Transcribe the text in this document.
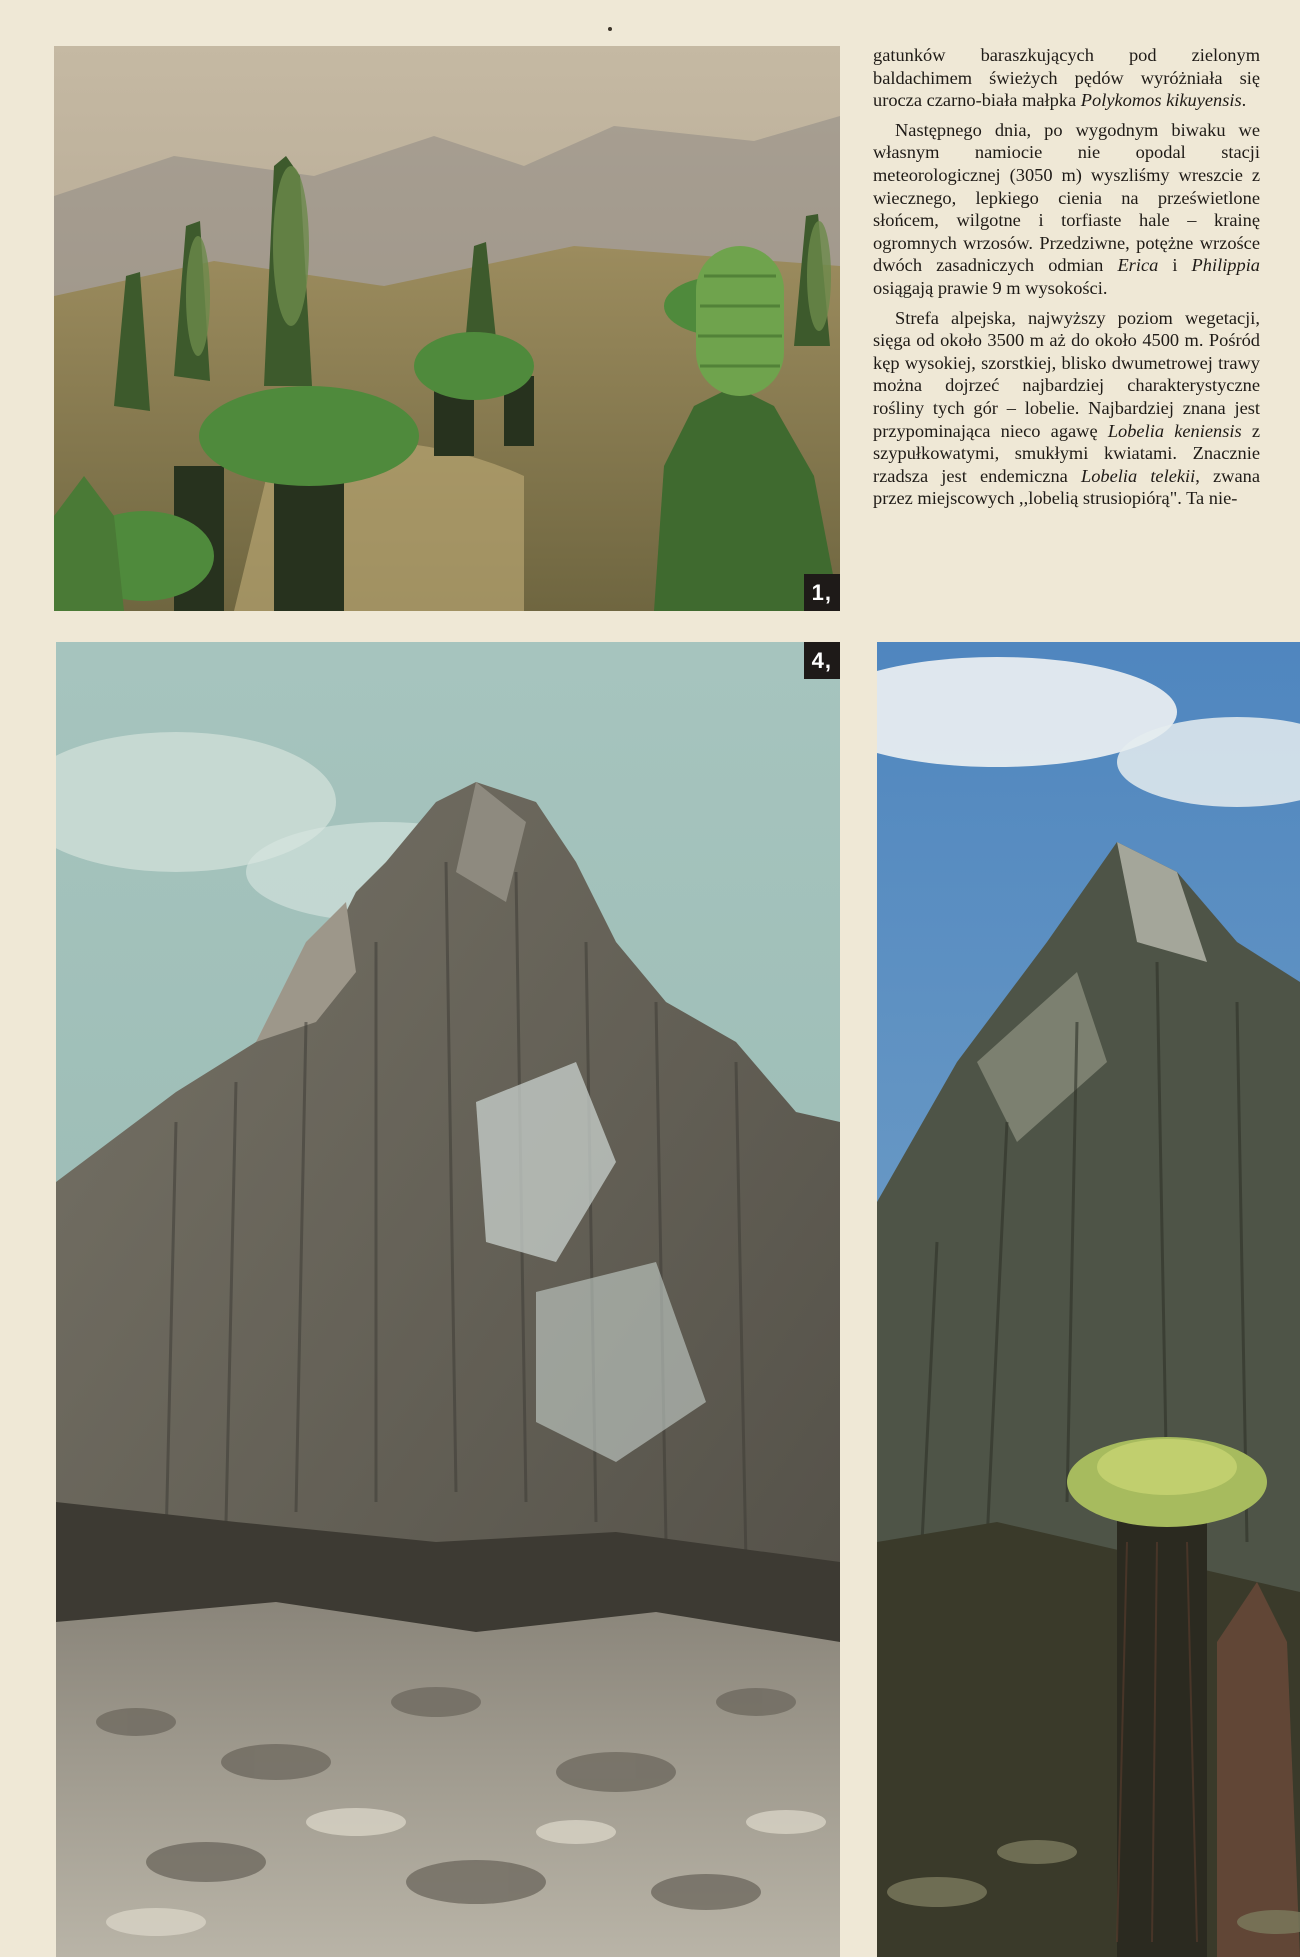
1,
4,

gatunków baraszkujących pod zielonym baldachimem świeżych pędów wyróżniała się urocza czarno-biała małpka Polykomos kikuyensis.

Następnego dnia, po wygodnym biwaku we własnym namiocie nie opodal stacji meteorologicznej (3050 m) wyszliśmy wreszcie z wiecznego, lepkiego cienia na prześwietlone słońcem, wilgotne i torfiaste hale – krainę ogromnych wrzosów. Przedziwne, potężne wrzośce dwóch zasadniczych odmian Erica i Philippia osiągają prawie 9 m wysokości.

Strefa alpejska, najwyższy poziom wegetacji, sięga od około 3500 m aż do około 4500 m. Pośród kęp wysokiej, szorstkiej, blisko dwumetrowej trawy można dojrzeć najbardziej charakterystyczne rośliny tych gór – lobelie. Najbardziej znana jest przypominająca nieco agawę Lobelia keniensis z szypułkowatymi, smukłymi kwiatami. Znacznie rzadsza jest endemiczna Lobelia telekii, zwana przez miejscowych ,,lobelią strusiopiórą". Ta nie-
